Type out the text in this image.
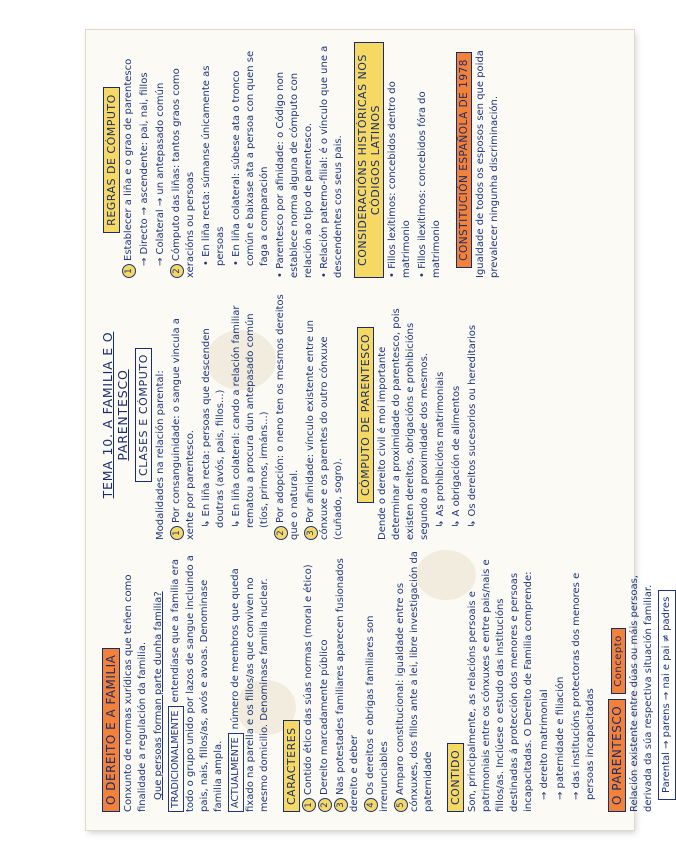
O DEREITO E A FAMILIA Conxunto de normas xurídicas que teñen como finalidade a regulación da familia. Que persoas forman parte dunha familia? TRADICIONALMENTEentendíase que a familia era todo o grupo unido por lazos de sangue incluindo a pais, nais, fillos/as, avós e avoas. Denominase familia ampla. ACTUALMENTEnúmero de membros que queda fixado na parella e os fillos/as que conviven no mesmo domicilio. Denominase familia nuclear.	CARACTERES

1Contido ético das súas normas (moral e ético)

2Dereito marcadamente público

3Nas potestades familiares aparecen fusionados dereito e deber 4Os dereitos e obrigas familiares son irrenunciables 5Amparo constitucional: igualdade entre os cónxuxes, dos fillos ante a lei, libre investigación da paternidade	CONTIDO Son, principalmente, as relacións persoais e patrimoniais entre os cónxuxes e entre pais/nais e fillos/as. Inclúese o estudo das institucións destinadas á protección dos menores e persoas incapacitadas. O Dereito de Familia comprende: → dereito matrimonial

→ paternidade e filiación

→ das institucións protectoras dos menores e persoas incapacitadas	O PARENTESCO Concepto Relación existente entre dúas ou máis persoas, derivada da súa respectiva situación familiar. Parental → parens → nai e pai ≠ padres

TEMA 10. A FAMILIA E O PARENTESCO CLASES E CÓMPUTO Modalidades na relación parental: 1Por consanguinidade: o sangue vincula a xente por parentesco. ↳ En liña recta: persoas que descenden doutras (avós, pais, fillos...) ↳ En liña colateral: cando a relación familiar rematou a procura dun antepasado común (tíos, primos, irmáns...)

2Por adopción: o neno ten os mesmos dereitos que o natural. 3Por afinidade: vínculo existente entre un cónxuxe e os parentes do outro cónxuxe (cuñado, sogro).

CÓMPUTO DE PARENTESCO Dende o dereito civil é moi importante determinar a proximidade do parentesco, pois existen dereitos, obrigacións e prohibicións segundo a proximidade dos mesmos. ↳ As prohibicións matrimoniais

↳ A obrigación de alimentos

↳ Os dereitos sucesorios ou hereditarios

REGRAS DE CÓMPUTO

1Establecer a liña e o grao de parentesco → Directo → ascendente: pai, nai, fillos

→ Colateral → un antepasado común

2Cómputo das liñas: tantos graos como xeracións ou persoas • En liña recta: súmanse únicamente as persoas • En liña colateral: súbese ata o tronco común e baixase ata a persoa con quen se faga a comparación

• Parentesco por afinidade: o Código non establece norma alguna de cómputo con relación ao tipo de parentesco. • Relación paterno-filial: é o vínculo que une a descendentes cos seus pais. CONSIDERACIÓNS HISTÓRICAS NOS CÓDIGOS LATINOS

• Fillos lexítimos: concebidos dentro do matrimonio • Fillos ilexítimos: concebidos fóra do matrimonio	CONSTITUCIÓN ESPAÑOLA DE 1978 Igualdade de todos os esposos sen que poida prevalecer ningunha discriminación.
